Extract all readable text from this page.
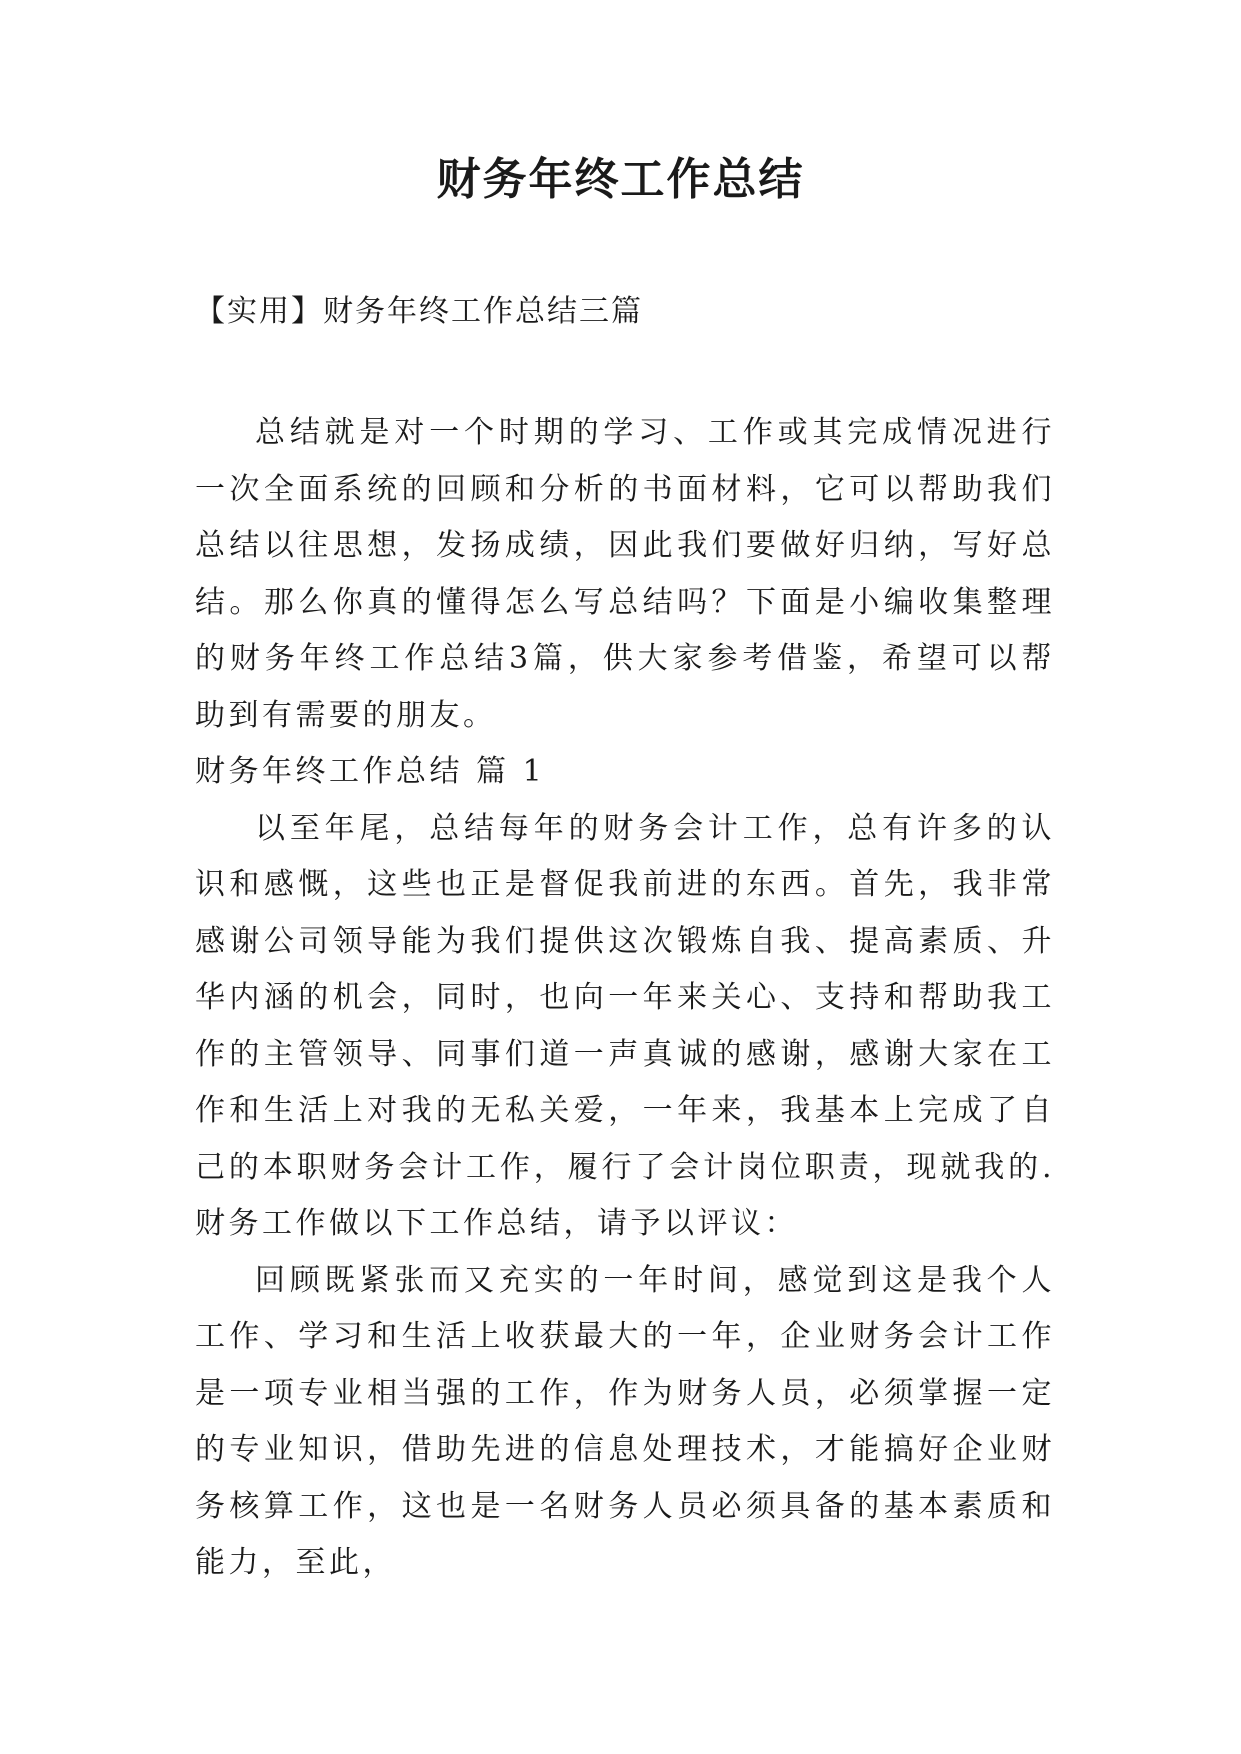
财务年终工作总结

【实用】财务年终工作总结三篇

总结就是对一个时期的学习、工作或其完成情况进行一次全面系统的回顾和分析的书面材料，它可以帮助我们总结以往思想，发扬成绩，因此我们要做好归纳，写好总结。那么你真的懂得怎么写总结吗？下面是小编收集整理的财务年终工作总结3篇，供大家参考借鉴，希望可以帮助到有需要的朋友。

财务年终工作总结 篇 1

以至年尾，总结每年的财务会计工作，总有许多的认识和感慨，这些也正是督促我前进的东西。首先，我非常感谢公司领导能为我们提供这次锻炼自我、提高素质、升华内涵的机会，同时，也向一年来关心、支持和帮助我工作的主管领导、同事们道一声真诚的感谢，感谢大家在工作和生活上对我的无私关爱，一年来，我基本上完成了自己的本职财务会计工作，履行了会计岗位职责，现就我的.财务工作做以下工作总结，请予以评议：

回顾既紧张而又充实的一年时间，感觉到这是我个人工作、学习和生活上收获最大的一年，企业财务会计工作是一项专业相当强的工作，作为财务人员，必须掌握一定的专业知识，借助先进的信息处理技术，才能搞好企业财务核算工作，这也是一名财务人员必须具备的基本素质和能力，至此，
